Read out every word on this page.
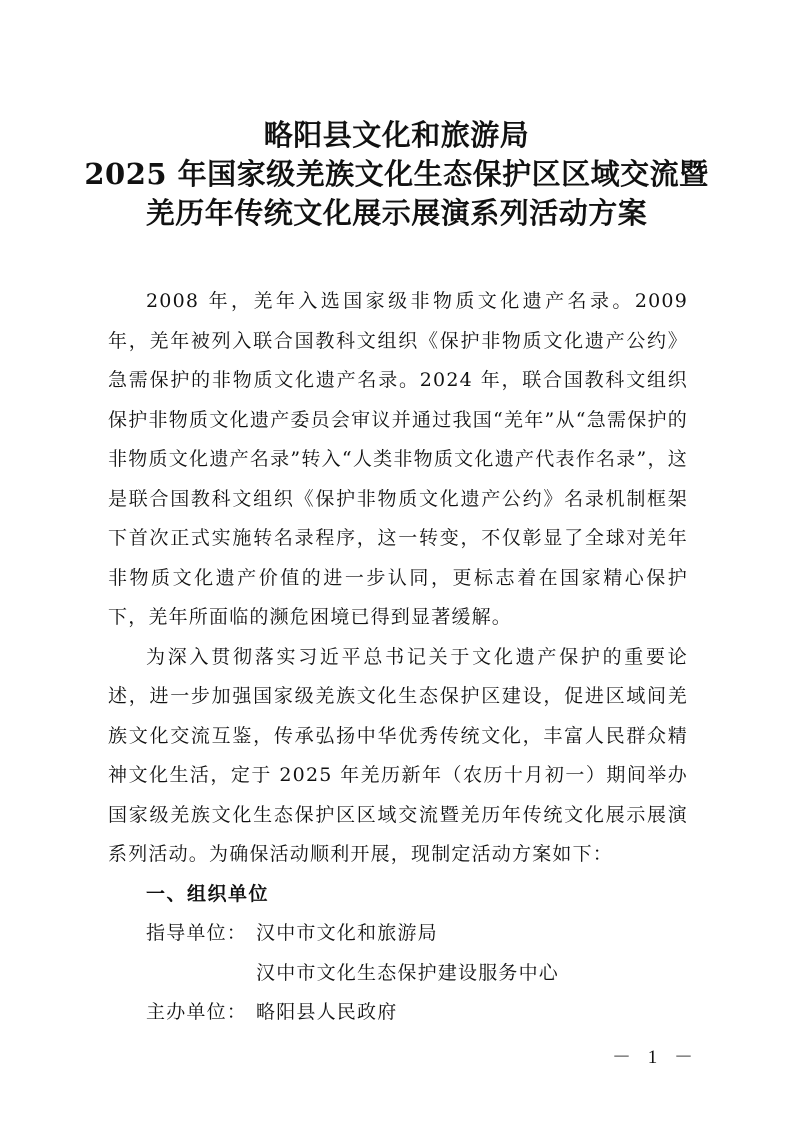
略阳县文化和旅游局
2025 年国家级羌族文化生态保护区区域交流暨
羌历年传统文化展示展演系列活动方案

2008 年，羌年入选国家级非物质文化遗产名录。2009 年，羌年被列入联合国教科文组织《保护非物质文化遗产公约》急需保护的非物质文化遗产名录。2024 年，联合国教科文组织保护非物质文化遗产委员会审议并通过我国“羌年”从“急需保护的非物质文化遗产名录”转入“人类非物质文化遗产代表作名录”，这是联合国教科文组织《保护非物质文化遗产公约》名录机制框架下首次正式实施转名录程序，这一转变，不仅彰显了全球对羌年非物质文化遗产价值的进一步认同，更标志着在国家精心保护下，羌年所面临的濒危困境已得到显著缓解。

为深入贯彻落实习近平总书记关于文化遗产保护的重要论述，进一步加强国家级羌族文化生态保护区建设，促进区域间羌族文化交流互鉴，传承弘扬中华优秀传统文化，丰富人民群众精神文化生活，定于 2025 年羌历新年（农历十月初一）期间举办国家级羌族文化生态保护区区域交流暨羌历年传统文化展示展演系列活动。为确保活动顺利开展，现制定活动方案如下：

一、组织单位

指导单位： 汉中市文化和旅游局

汉中市文化生态保护建设服务中心

主办单位： 略阳县人民政府

－ 1 －
